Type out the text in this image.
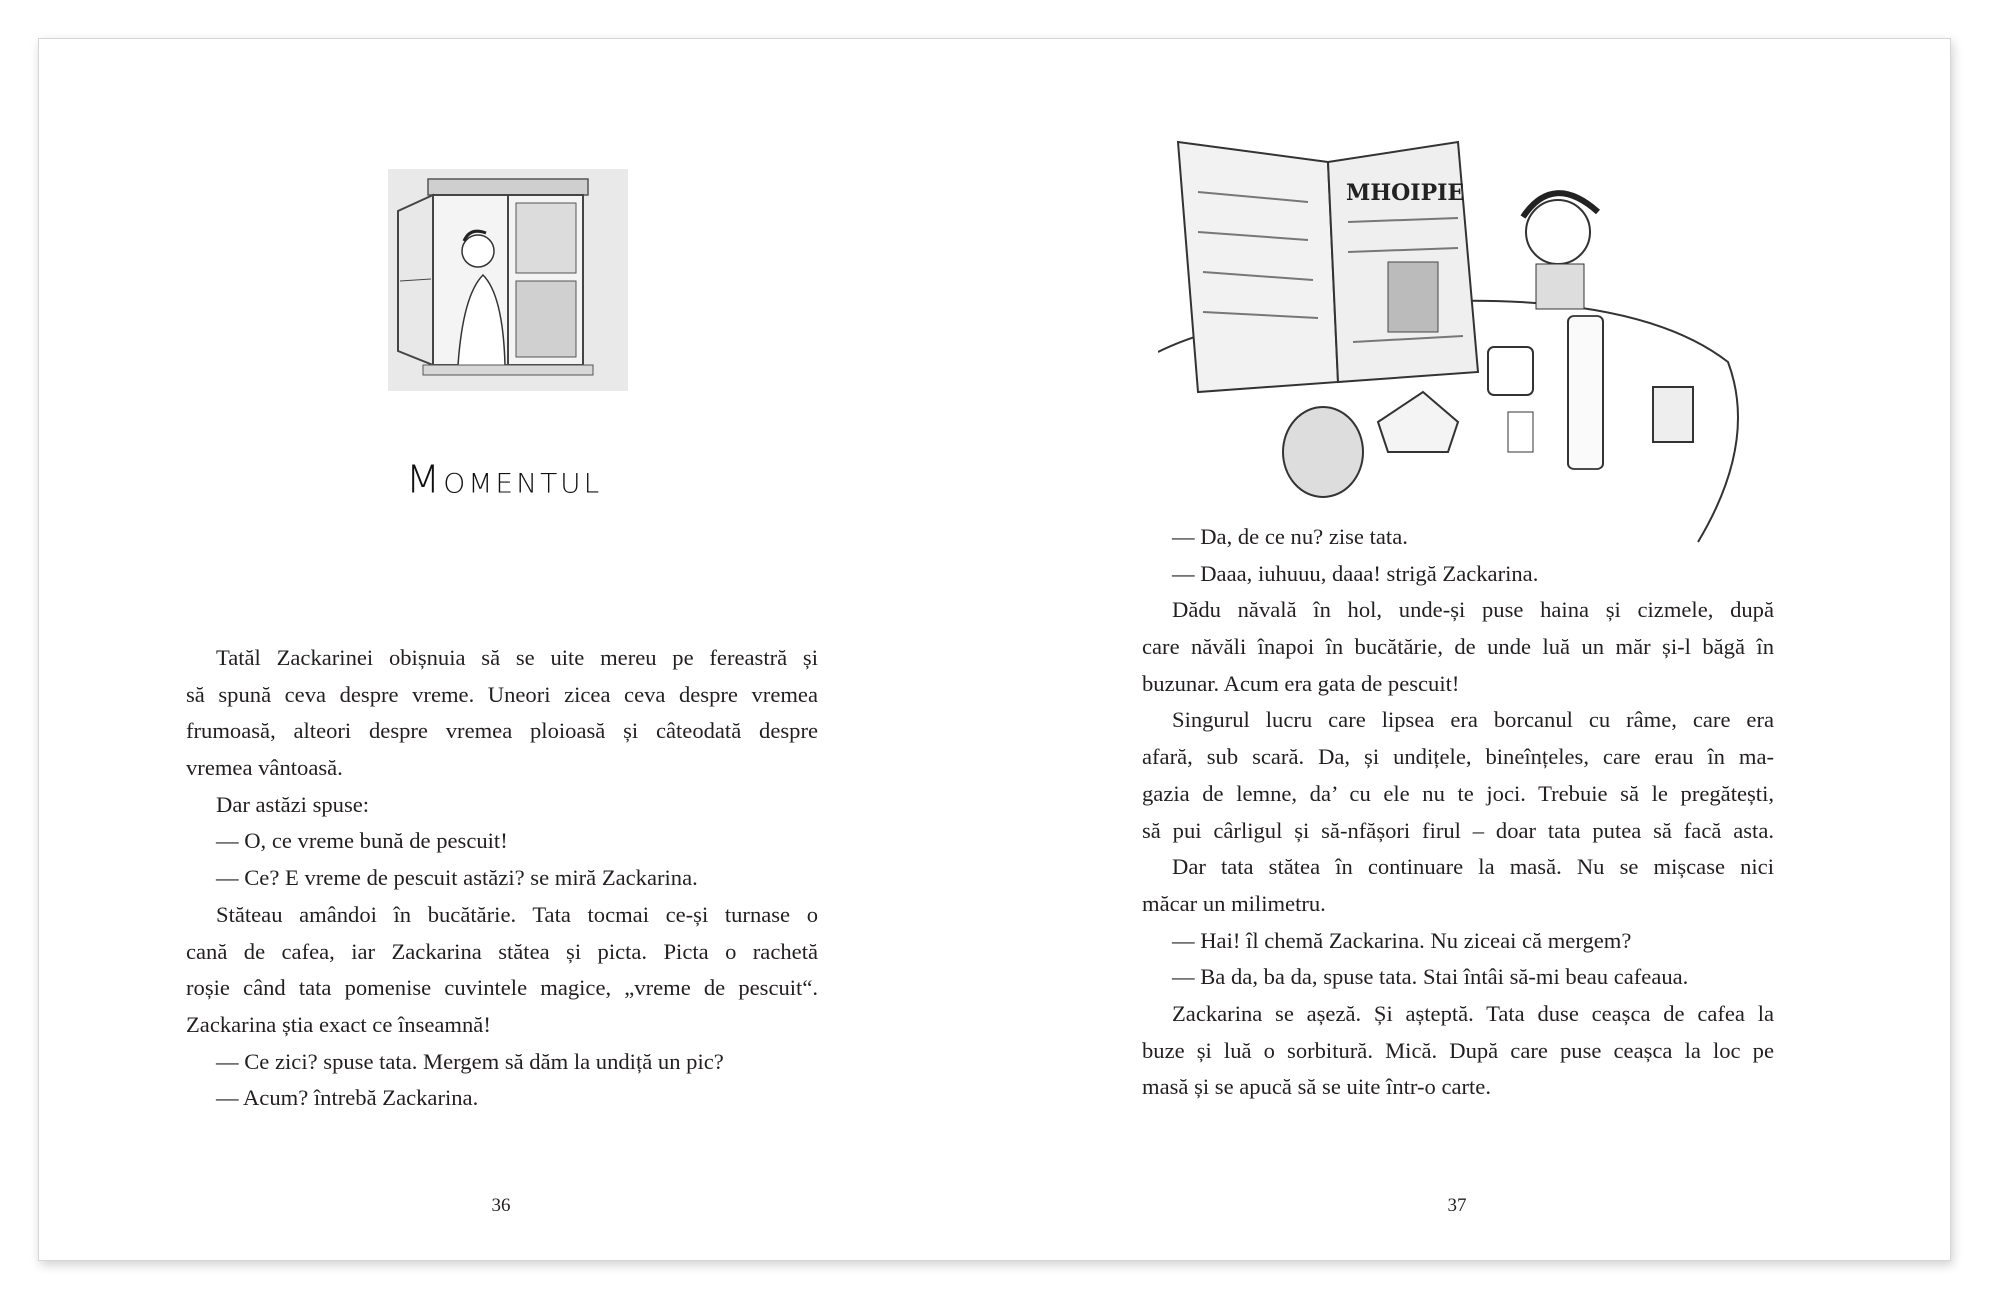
Momentul
MHOIPIE
Tatăl Zackarinei obișnuia să se uite mereu pe fereastră și
să spună ceva despre vreme. Uneori zicea ceva despre vremea
frumoasă, alteori despre vremea ploioasă și câteodată despre
vremea vântoasă.
Dar astăzi spuse:
— O, ce vreme bună de pescuit!
— Ce? E vreme de pescuit astăzi? se miră Zackarina.
Stăteau amândoi în bucătărie. Tata tocmai ce-și turnase o
cană de cafea, iar Zackarina stătea și picta. Picta o rachetă
roșie când tata pomenise cuvintele magice, „vreme de pescuit“.
Zackarina știa exact ce înseamnă!
— Ce zici? spuse tata. Mergem să dăm la undiță un pic?
— Acum? întrebă Zackarina.
— Da, de ce nu? zise tata.
— Daaa, iuhuuu, daaa! strigă Zackarina.
Dădu năvală în hol, unde-și puse haina și cizmele, după
care năvăli înapoi în bucătărie, de unde luă un măr și-l băgă în
buzunar. Acum era gata de pescuit!
Singurul lucru care lipsea era borcanul cu râme, care era
afară, sub scară. Da, și undițele, bineînțeles, care erau în ma-
gazia de lemne, da’ cu ele nu te joci. Trebuie să le pregătești,
să pui cârligul și să-nfășori firul – doar tata putea să facă asta.
Dar tata stătea în continuare la masă. Nu se mișcase nici
măcar un milimetru.
— Hai! îl chemă Zackarina. Nu ziceai că mergem?
— Ba da, ba da, spuse tata. Stai întâi să-mi beau cafeaua.
Zackarina se așeză. Și așteptă. Tata duse ceașca de cafea la
buze și luă o sorbitură. Mică. După care puse ceașca la loc pe
masă și se apucă să se uite într-o carte.
36	37
